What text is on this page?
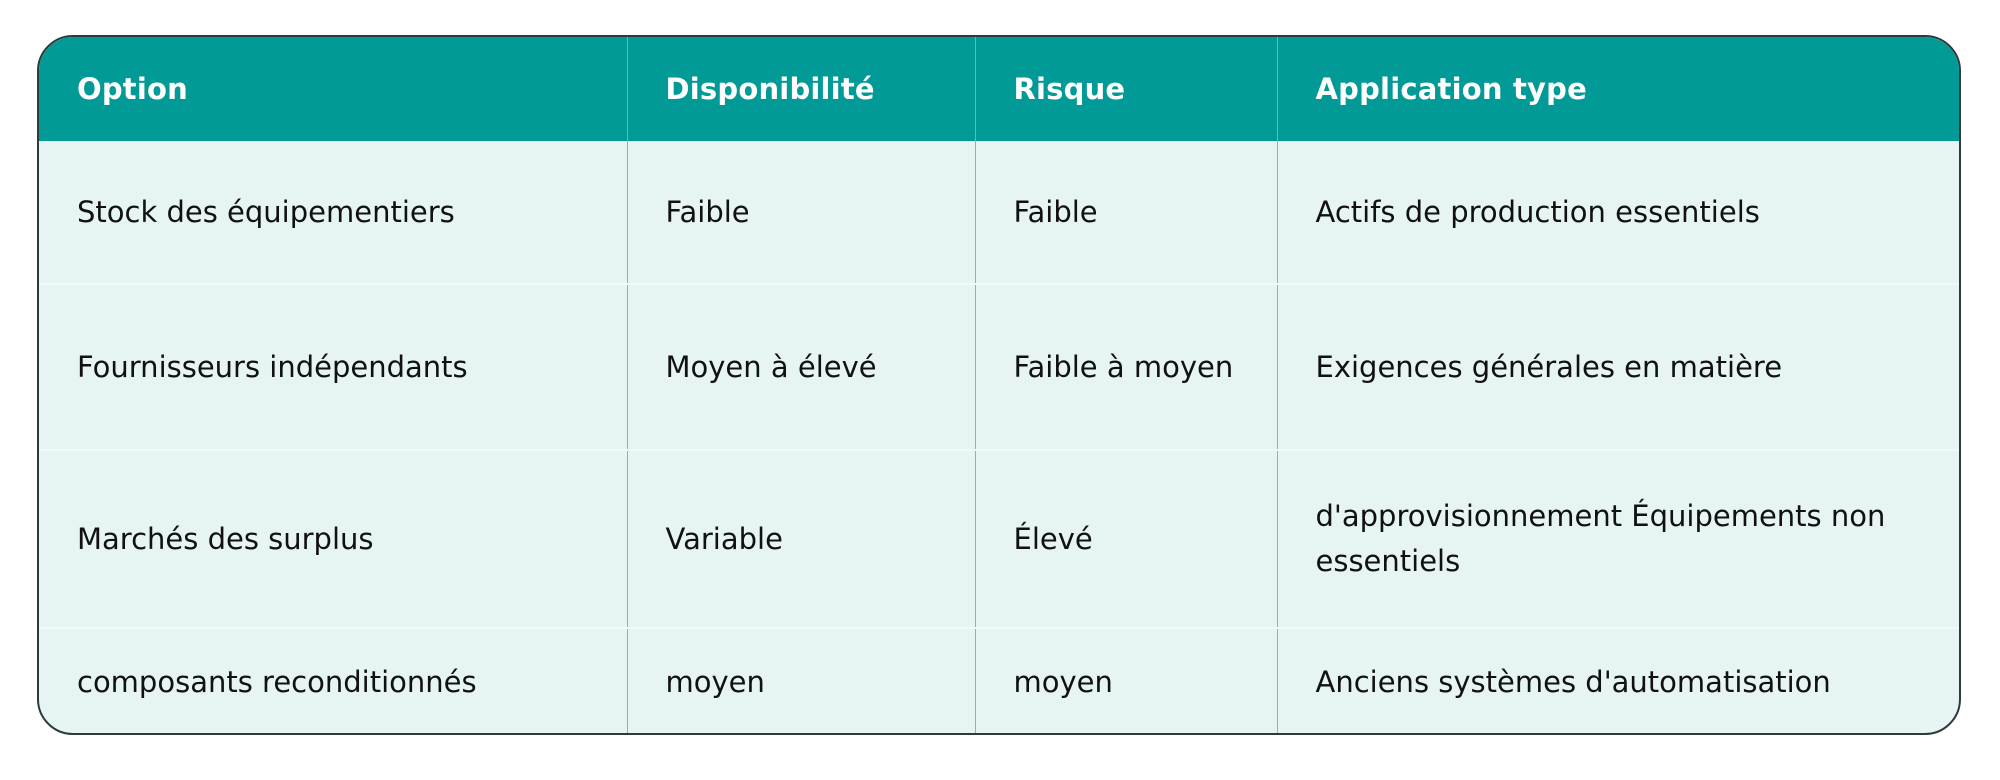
Option	Disponibilité	Risque	Application type
Stock des équipementiers	Faible	Faible	Actifs de production essentiels
Fournisseurs indépendants	Moyen à élevé	Faible à moyen	Exigences générales en matière
Marchés des surplus	Variable	Élevé	d'approvisionnement Équipements non essentiels
composants reconditionnés	moyen	moyen	Anciens systèmes d'automatisation
